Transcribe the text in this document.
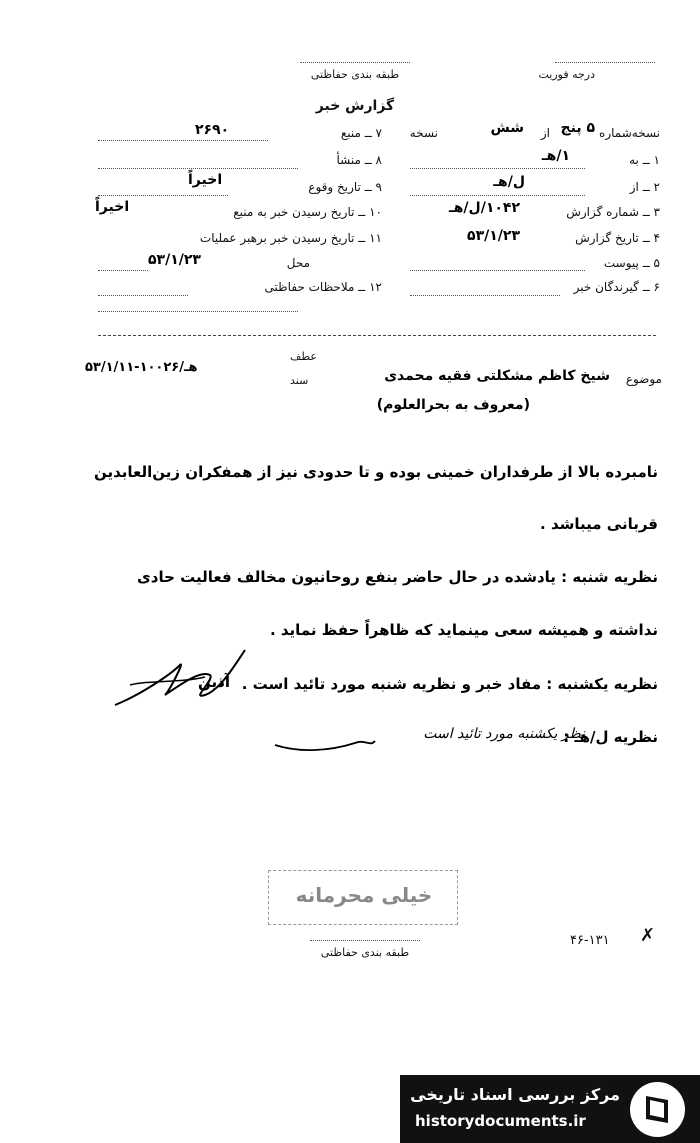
درجه فوریت
طبقه بندی حفاظتی
گزارش خبر
نسخه‌شماره
۵ پنج
از
شش
نسخه
۱ ــ به
۱/هـ
۲ ــ از
ل/هـ
۳ ــ شماره گزارش
۱۰۴۲/ل/هـ
۴ ــ تاریخ گزارش
۵۳/۱/۲۳
۵ ــ پیوست
۶ ــ گیرندگان خبر
۷ ــ منبع
۲۶۹۰
۸ ــ منشأ
۹ ــ تاریخ وقوع
اخیراً
۱۰ ــ تاریخ رسیدن خبر به منبع
اخیراً
۱۱ ــ تاریخ رسیدن خبر برهبر عملیات
محل
۵۳/۱/۲۳
۱۲ ــ ملاحظات حفاظتی
عطف
سند
۵۳/۱/۱۱-۱۰۰۲۶/هـ
موضوع
شیخ کاظم مشکلتی فقیه محمدی
(معروف به بحرالعلوم)
نامبرده بالا از طرفداران خمینی بوده و تا حدودی نیز از همفکران زین‌العابدین
قربانی میباشد .
نظریه شنبه : یادشده در حال حاضر بنفع روحانیون مخالف فعالیت حادی
نداشته و همیشه سعی مینماید که ظاهراً حفظ نماید .
نظریه یکشنبه : مفاد خبر و نظریه شنبه مورد تائید است .
آذین
نظریه ل/هـ :
نظر یکشنبه مورد تائید است
خیلی محرمانه
طبقه بندی حفاظتی
۴۶-۱۳۱ ✗
مرکز بررسی اسناد تاریخی
historydocuments.ir
